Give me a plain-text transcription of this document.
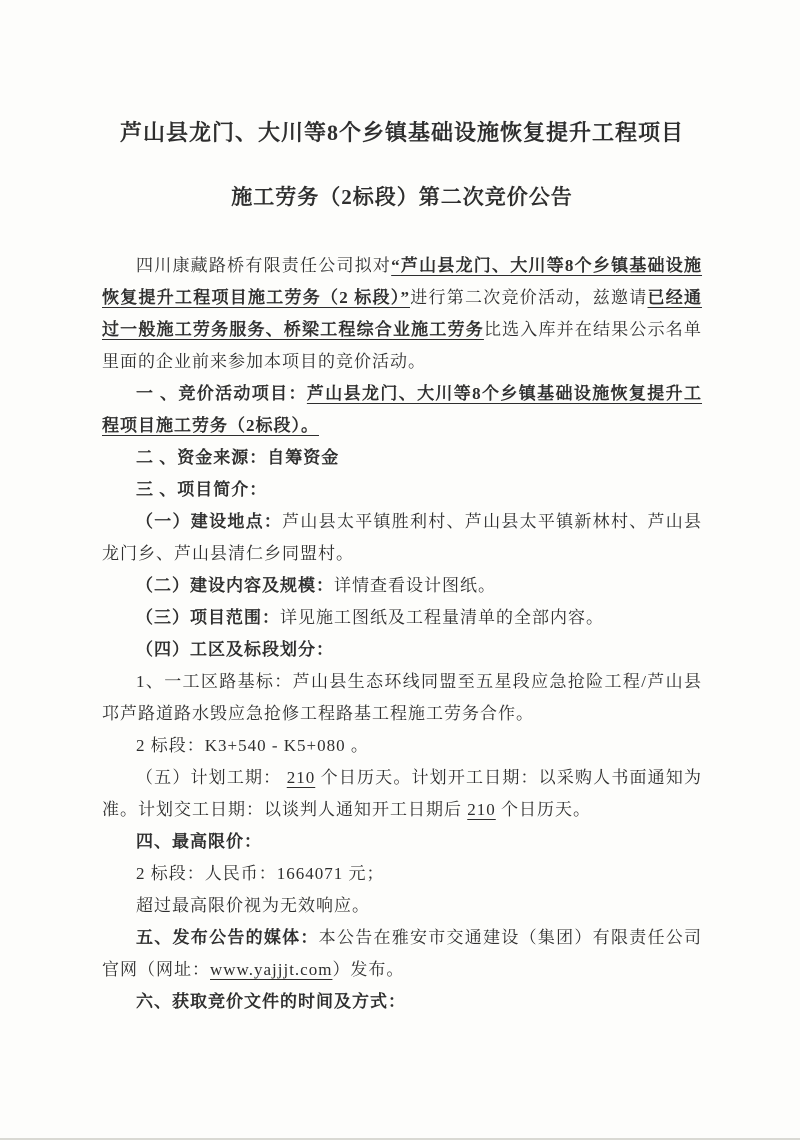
芦山县龙门、大川等8个乡镇基础设施恢复提升工程项目

施工劳务（2标段）第二次竞价公告

四川康藏路桥有限责任公司拟对“芦山县龙门、大川等8个乡镇基础设施恢复提升工程项目施工劳务（2 标段）”进行第二次竞价活动，兹邀请已经通过一般施工劳务服务、桥梁工程综合业施工劳务比选入库并在结果公示名单里面的企业前来参加本项目的竞价活动。

一 、竞价活动项目：芦山县龙门、大川等8个乡镇基础设施恢复提升工程项目施工劳务（2标段）。

二 、资金来源：自筹资金

三 、项目简介：

（一）建设地点：芦山县太平镇胜利村、芦山县太平镇新林村、芦山县龙门乡、芦山县清仁乡同盟村。

（二）建设内容及规模：详情查看设计图纸。

（三）项目范围：详见施工图纸及工程量清单的全部内容。

（四）工区及标段划分：

1、一工区路基标：芦山县生态环线同盟至五星段应急抢险工程/芦山县邛芦路道路水毁应急抢修工程路基工程施工劳务合作。

2 标段：K3+540 - K5+080 。

（五）计划工期： 210 个日历天。计划开工日期：以采购人书面通知为准。计划交工日期：以谈判人通知开工日期后 210 个日历天。

四、最高限价：

2 标段：人民币：1664071 元；

超过最高限价视为无效响应。

五、发布公告的媒体：本公告在雅安市交通建设（集团）有限责任公司官网（网址：www.yajjjt.com）发布。

六、获取竞价文件的时间及方式：
